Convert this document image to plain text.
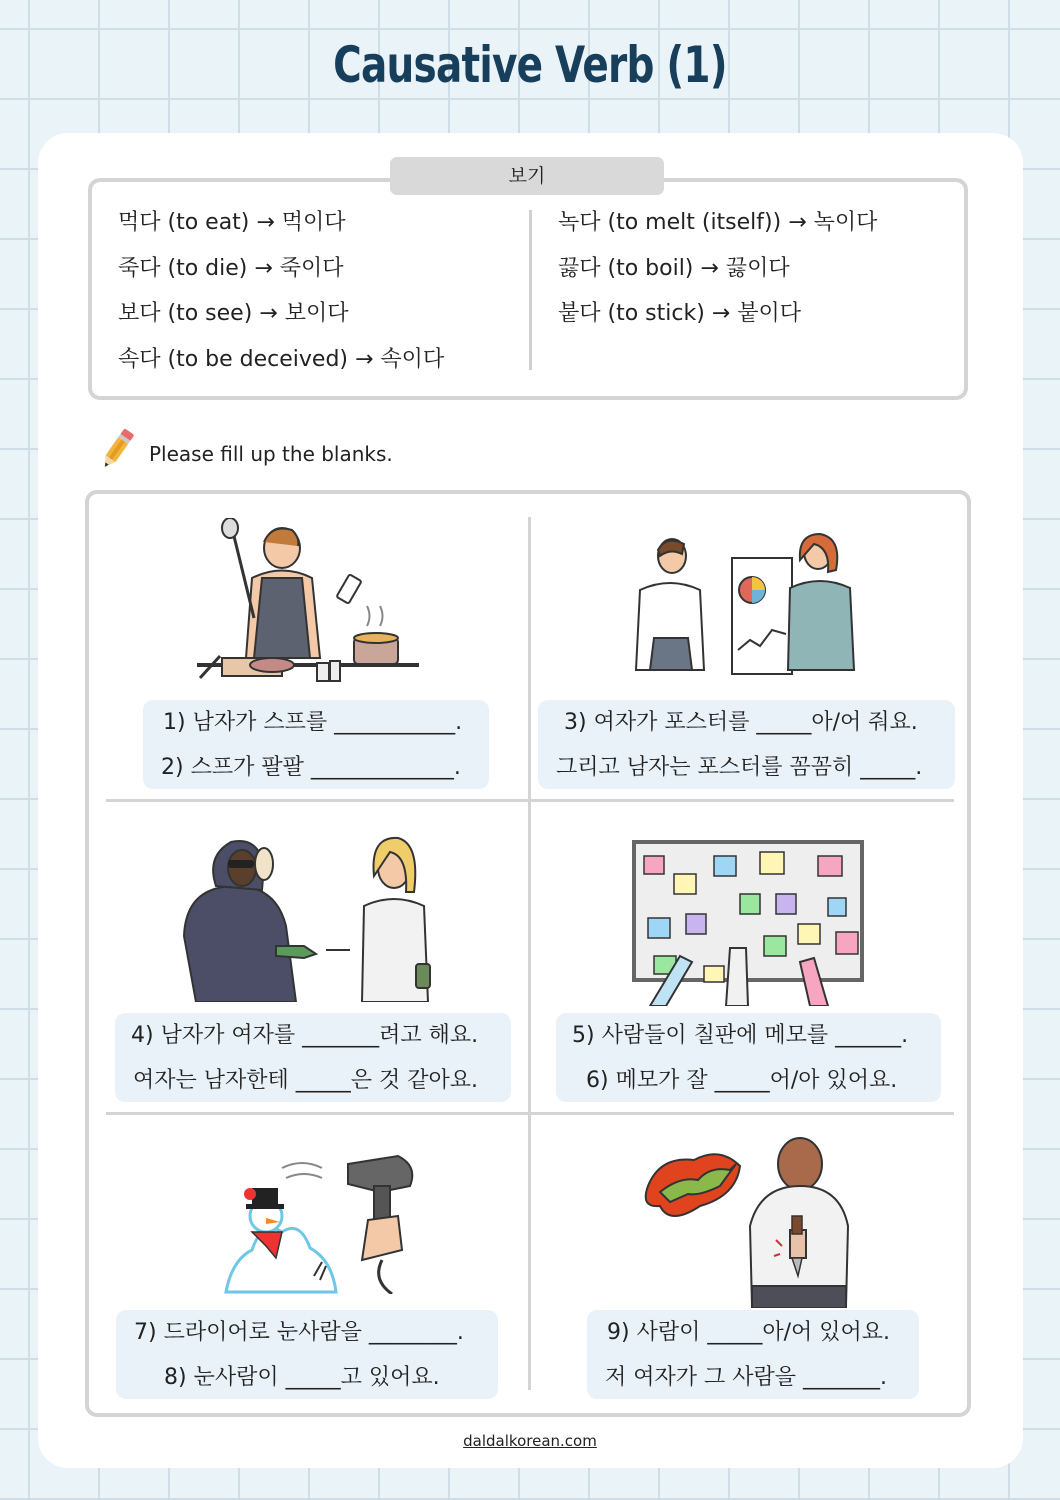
Causative Verb (1)
보기
먹다 (to eat) → 먹이다
죽다 (to die) → 죽이다
보다 (to see) → 보이다
속다 (to be deceived) → 속이다
녹다 (to melt (itself)) → 녹이다
끓다 (to boil) → 끓이다
붙다 (to stick) → 붙이다
Please fill up the blanks.
1) 남자가 스프를 ___________.
2) 스프가 팔팔 _____________.
3) 여자가 포스터를 _____아/어 줘요.
그리고 남자는 포스터를 꼼꼼히 _____.
4) 남자가 여자를 _______려고 해요.
여자는 남자한테 _____은 것 같아요.
5) 사람들이 칠판에 메모를 ______.
6) 메모가 잘 _____어/아 있어요.
7) 드라이어로 눈사람을 ________.
8) 눈사람이 _____고 있어요.
9) 사람이 _____아/어 있어요.
저 여자가 그 사람을 _______.
daldalkorean.com
